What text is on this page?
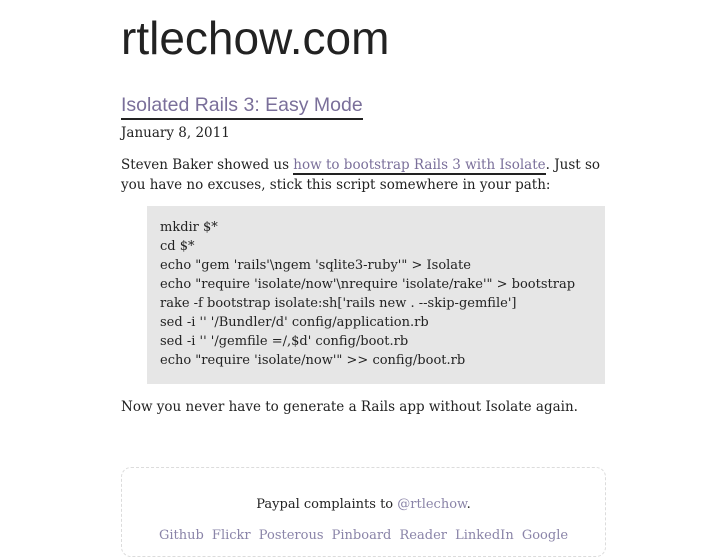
rtlechow.com
Isolated Rails 3: Easy Mode
January 8, 2011

Steven Baker showed us how to bootstrap Rails 3 with Isolate. Just so you have no excuses, stick this script somewhere in your path:

mkdir $*
cd $*
echo "gem 'rails'\ngem 'sqlite3-ruby'" > Isolate
echo "require 'isolate/now'\nrequire 'isolate/rake'" > bootstrap
rake -f bootstrap isolate:sh['rails new . --skip-gemfile']
sed -i '' '/Bundler/d' config/application.rb
sed -i '' '/gemfile =/,$d' config/boot.rb
echo "require 'isolate/now'" >> config/boot.rb

Now you never have to generate a Rails app without Isolate again.

Paypal complaints to @rtlechow.
Github Flickr Posterous Pinboard Reader LinkedIn Google
